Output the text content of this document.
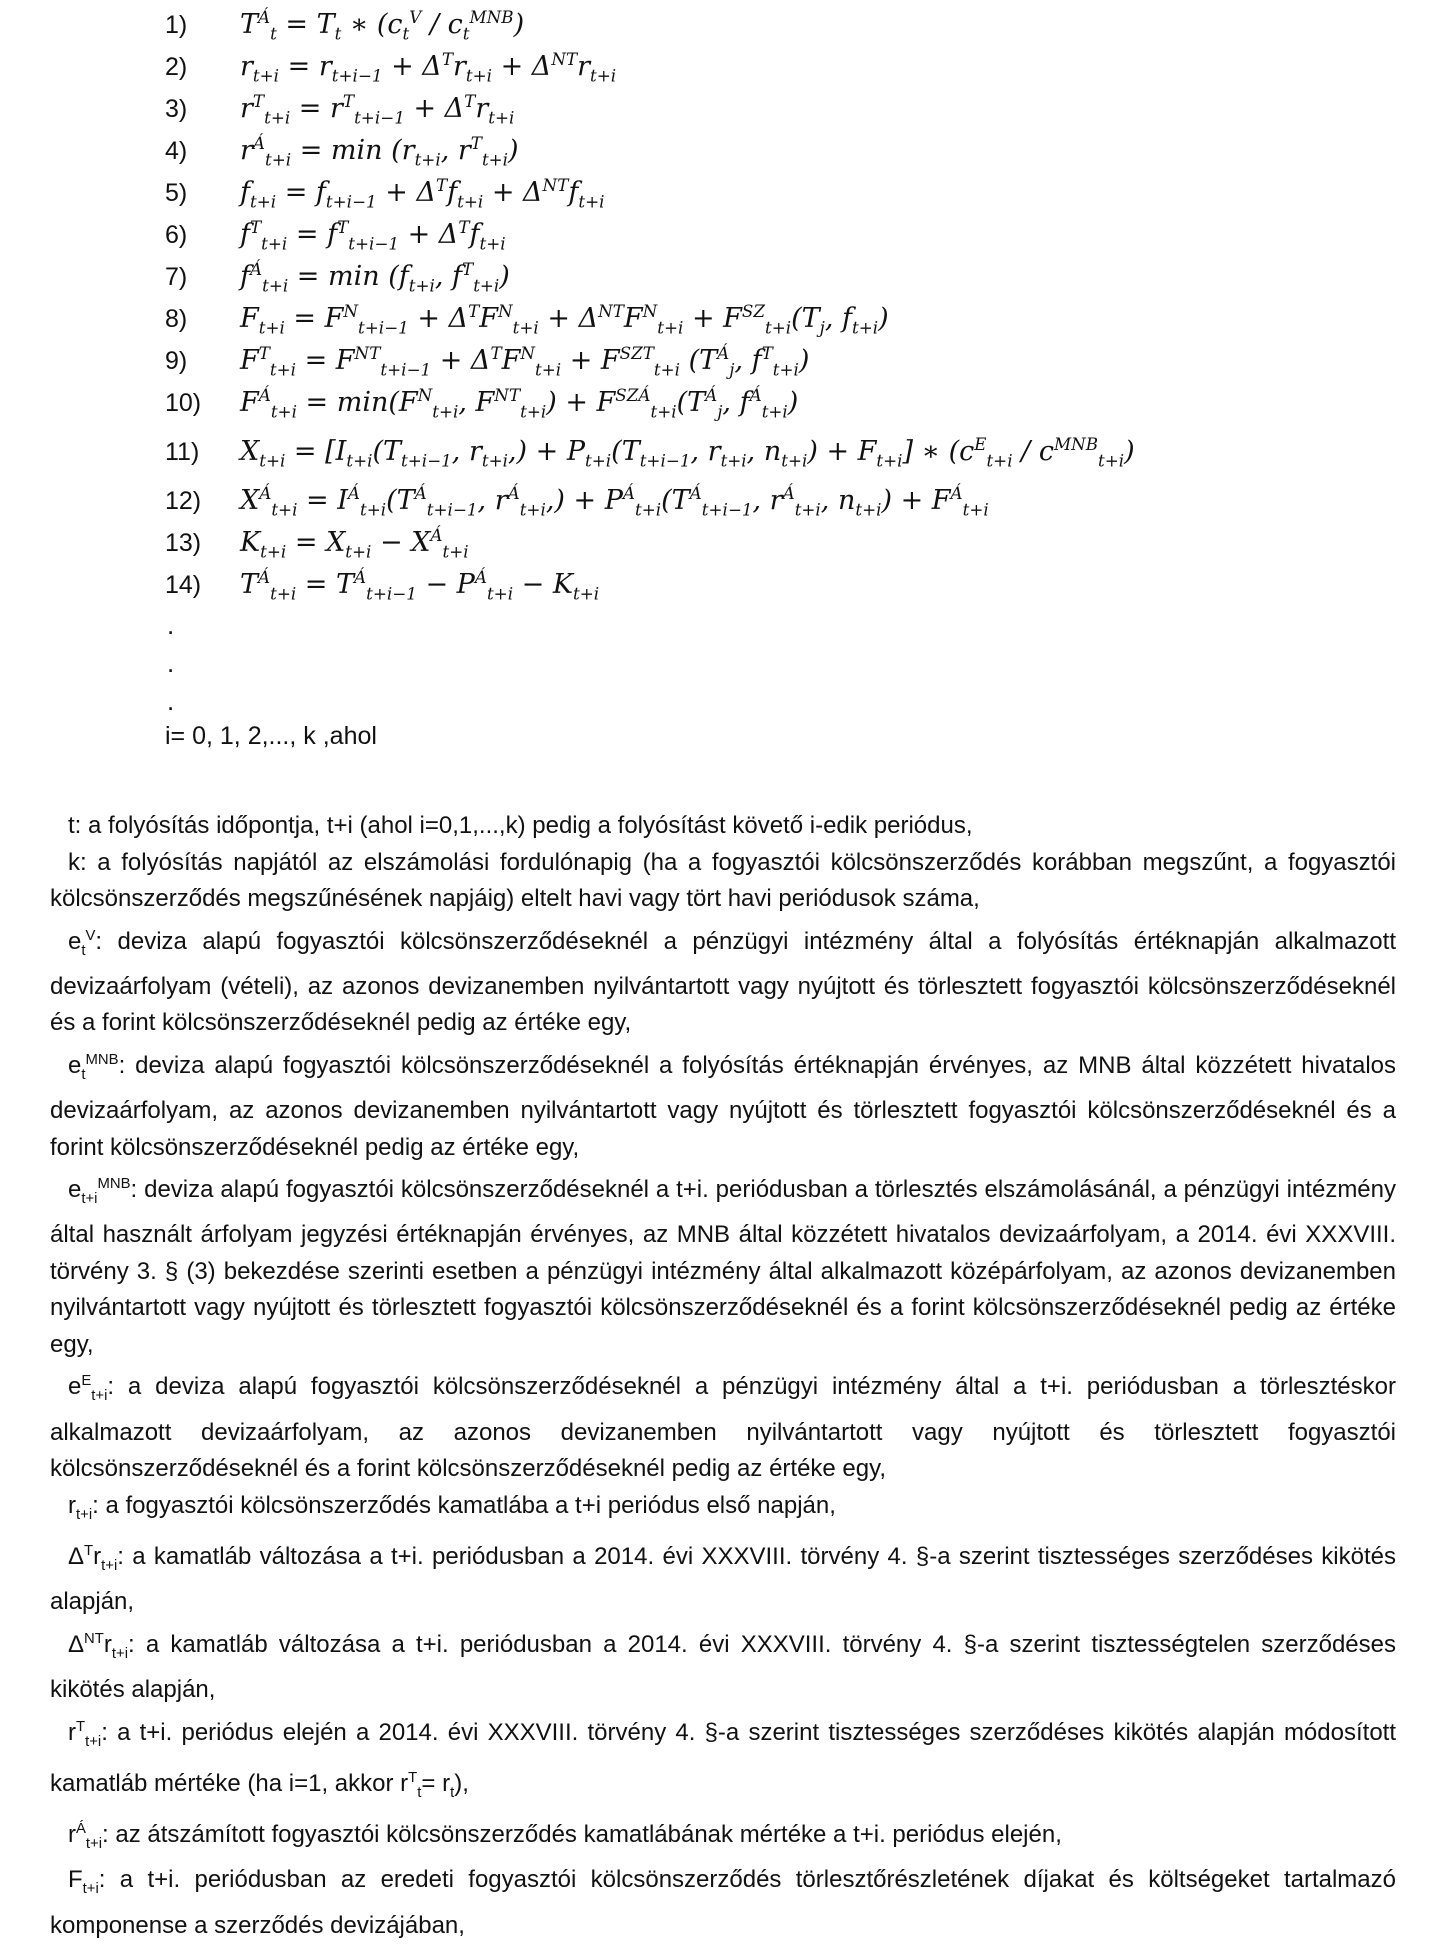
1)	$T^Á_t = T_t$ ∗ $(c_t^V / c_t^{MNB})$
2)	$r_{t+i} = r_{t+i-1} + \Delta^Tr_{t+i} + \Delta^{NT}r_{t+i}$
3)	$r^T_{t+i} = r^T_{t+i-1} + \Delta^Tr_{t+i}$
4)	$r^Á_{t+i} = \min (r_{t+i}$, $r^T_{t+i}$)
5)	$f_{t+i} = f_{t+i-1} + \Delta^Tf_{t+i} + \Delta^{NT}f_{t+i}$
6)	$f^T_{t+i} = f^T_{t+i-1} + \Delta^Tf_{t+i}$
7)	$f^Á_{t+i} = \min (f_{t+i}$, $f^T_{t+i}$)
8)	$F_{t+i} = F^N_{t+i-1} + \Delta^TF^N_{t+i} + \Delta^{NT}F^N_{t+i} + F^{SZ}_{t+i}(T_j$, $f_{t+i}$)
9)	$F^T_{t+i} = F^{NT}_{t+i-1} + \Delta^TF^N_{t+i} + F^{SZT}_{t+i}$ ($T^Á_j$, $f^T_{t+i}$)
10)	$F^Á_{t+i} = \min(F^N_{t+i}$, $F^{NT}_{t+i}) + F^{SZÁ}_{t+i}(T^Á_j$, $f^Á_{t+i}$)
11)	$X_{t+i} = [I_{t+i}(T_{t+i-1}$, $r_{t+i},) + P_{t+i}(T_{t+i-1}$, $r_{t+i}$, $n_{t+i}) + F_{t+i}$] ∗ $(c^E_{t+i} / c^{MNB}_{t+i})$
12)	$X^Á_{t+i} = I^Á_{t+i}(T^Á_{t+i-1}$, $r^Á_{t+i},) + P^Á_{t+i}(T^Á_{t+i-1}$, $r^Á_{t+i}$, $n_{t+i}) + F^Á_{t+i}$
13)	$K_{t+i} = X_{t+i} - X^Á_{t+i}$
14)	$T^Á_{t+i} = T^Á_{t+i-1} - P^Á_{t+i} - K_{t+i}$
.
.
.
i= 0, 1, 2,..., k ,ahol

t: a folyósítás időpontja, t+i (ahol i=0,1,...,k) pedig a folyósítást követő i-edik periódus,

k: a folyósítás napjától az elszámolási fordulónapig (ha a fogyasztói kölcsönszerződés korábban megszűnt, a fogyasztói kölcsönszerződés megszűnésének napjáig) eltelt havi vagy tört havi periódusok száma,

$e_t^V$: deviza alapú fogyasztói kölcsönszerződéseknél a pénzügyi intézmény által a folyósítás értéknapján alkalmazott devizaárfolyam (vételi), az azonos devizanemben nyilvántartott vagy nyújtott és törlesztett fogyasztói kölcsönszerződéseknél és a forint kölcsönszerződéseknél pedig az értéke egy,

$e_t^{MNB}$: deviza alapú fogyasztói kölcsönszerződéseknél a folyósítás értéknapján érvényes, az MNB által közzétett hivatalos devizaárfolyam, az azonos devizanemben nyilvántartott vagy nyújtott és törlesztett fogyasztói kölcsönszerződéseknél és a forint kölcsönszerződéseknél pedig az értéke egy,

$e_{t+i}^{MNB}$: deviza alapú fogyasztói kölcsönszerződéseknél a t+i. periódusban a törlesztés elszámolásánál, a pénzügyi intézmény által használt árfolyam jegyzési értéknapján érvényes, az MNB által közzétett hivatalos devizaárfolyam, a 2014. évi XXXVIII. törvény 3. § (3) bekezdése szerinti esetben a pénzügyi intézmény által alkalmazott középárfolyam, az azonos devizanemben nyilvántartott vagy nyújtott és törlesztett fogyasztói kölcsönszerződéseknél és a forint kölcsönszerződéseknél pedig az értéke egy,

$e^E_{t+i}$: a deviza alapú fogyasztói kölcsönszerződéseknél a pénzügyi intézmény által a t+i. periódusban a törlesztéskor alkalmazott devizaárfolyam, az azonos devizanemben nyilvántartott vagy nyújtott és törlesztett fogyasztói kölcsönszerződéseknél és a forint kölcsönszerződéseknél pedig az értéke egy,

$r_{t+i}$: a fogyasztói kölcsönszerződés kamatlába a t+i periódus első napján,

$\Delta^Tr_{t+i}$: a kamatláb változása a t+i. periódusban a 2014. évi XXXVIII. törvény 4. §-a szerint tisztességes szerződéses kikötés alapján,

$\Delta^{NT}r_{t+i}$: a kamatláb változása a t+i. periódusban a 2014. évi XXXVIII. törvény 4. §-a szerint tisztességtelen szerződéses kikötés alapján,

$r^T_{t+i}$: a t+i. periódus elején a 2014. évi XXXVIII. törvény 4. §-a szerint tisztességes szerződéses kikötés alapján módosított kamatláb mértéke (ha i=1, akkor $r^T_t= r_t$),

$r^Á_{t+i}$: az átszámított fogyasztói kölcsönszerződés kamatlábának mértéke a t+i. periódus elején,

$F_{t+i}$: a t+i. periódusban az eredeti fogyasztói kölcsönszerződés törlesztőrészletének díjakat és költségeket tartalmazó komponense a szerződés devizájában,
